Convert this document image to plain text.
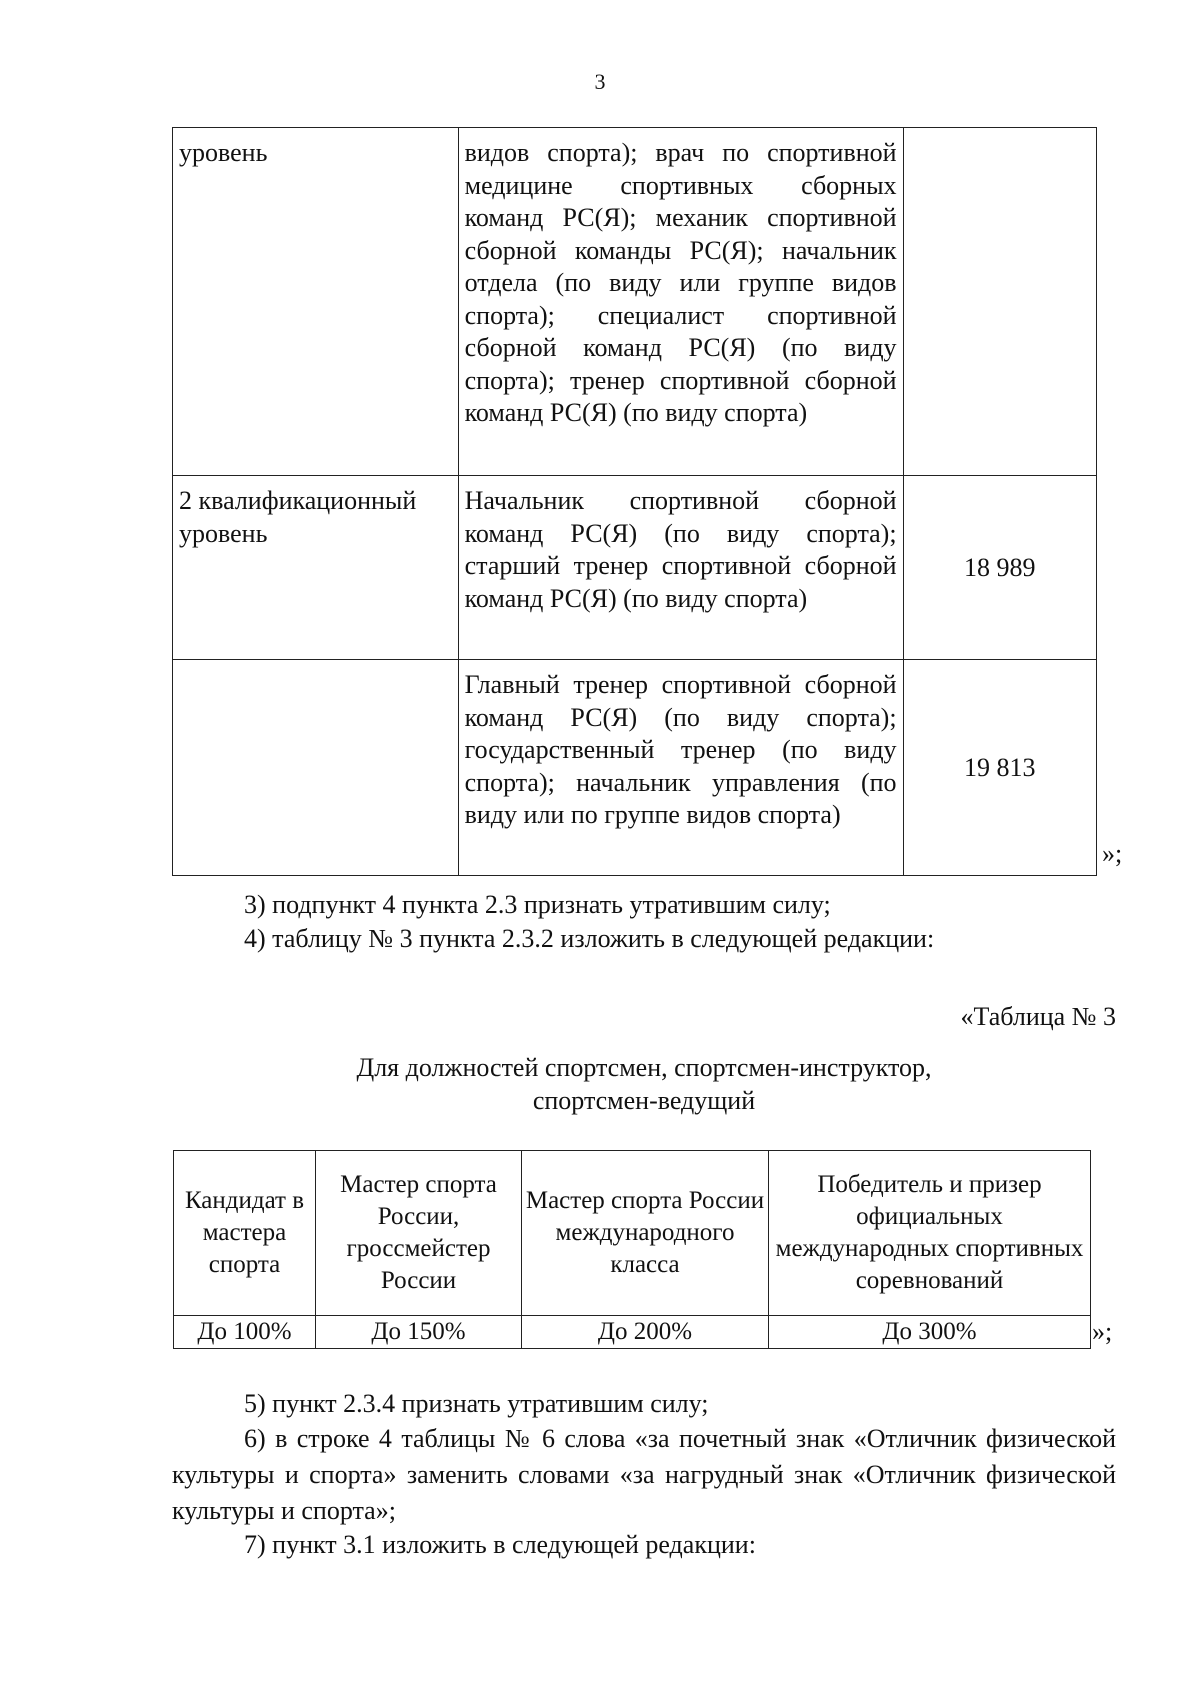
3
уровень	видов спорта); врач по спортивной медицине спортивных сборных команд РС(Я); механик спортивной сборной команды РС(Я); начальник отдела (по виду или группе видов спорта); специалист спортивной сборной команд РС(Я) (по виду спорта); тренер спортивной сборной команд РС(Я) (по виду спорта)	
2 квалификационный уровень	Начальник спортивной сборной команд РС(Я) (по виду спорта); старший тренер спортивной сборной команд РС(Я) (по виду спорта)	18 989
	Главный тренер спортивной сборной команд РС(Я) (по виду спорта); государственный тренер (по виду спорта); начальник управления (по виду или по группе видов спорта)	19 813
»;
3) подпункт 4 пункта 2.3 признать утратившим силу;
4) таблицу № 3 пункта 2.3.2 изложить в следующей редакции:
«Таблица № 3
Для должностей спортсмен, спортсмен-инструктор,
спортсмен-ведущий
Кандидат в мастера спорта	Мастер спорта России, гроссмейстер России	Мастер спорта России международного класса	Победитель и призер официальных международных спортивных соревнований
До 100%	До 150%	До 200%	До 300%	»;
5) пункт 2.3.4 признать утратившим силу;
6) в строке 4 таблицы № 6 слова «за почетный знак «Отличник физической культуры и спорта» заменить словами «за нагрудный знак «Отличник физической культуры и спорта»;
7) пункт 3.1 изложить в следующей редакции:
